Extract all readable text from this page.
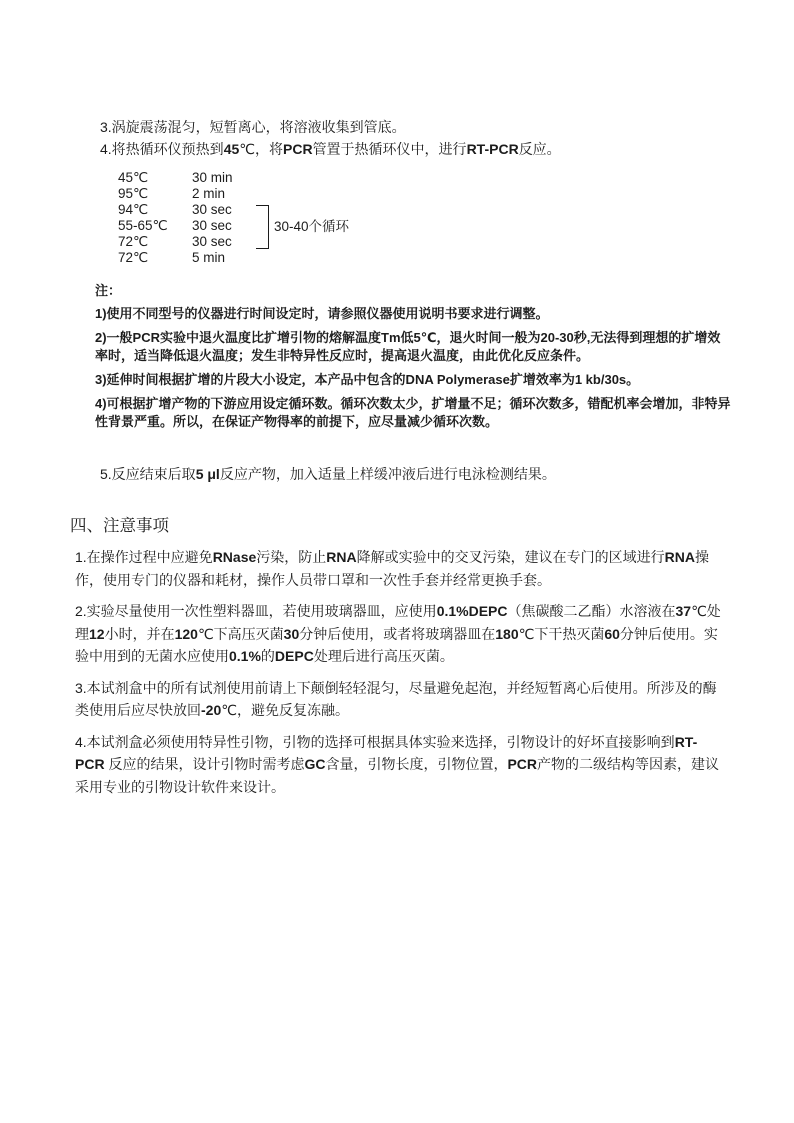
3.涡旋震荡混匀，短暂离心，将溶液收集到管底。

4.将热循环仪预热到45℃，将PCR管置于热循环仪中，进行RT-PCR反应。

45℃	30 min
95℃	2 min
94℃	30 sec
55-65℃ 30 sec
72℃	30 sec
72℃	5 min
30-40个循环

注：

1)使用不同型号的仪器进行时间设定时，请参照仪器使用说明书要求进行调整。

2)一般PCR实验中退火温度比扩增引物的熔解温度Tm低5℃，退火时间一般为20-30秒,无法得到理想的扩增效率时，适当降低退火温度；发生非特异性反应时，提高退火温度，由此优化反应条件。

3)延伸时间根据扩增的片段大小设定，本产品中包含的DNA Polymerase扩增效率为1 kb/30s。

4)可根据扩增产物的下游应用设定循环数。循环次数太少，扩增量不足；循环次数多，错配机率会增加，非特异性背景严重。所以，在保证产物得率的前提下，应尽量减少循环次数。

5.反应结束后取5 μl反应产物，加入适量上样缓冲液后进行电泳检测结果。

四、注意事项

1.在操作过程中应避免RNase污染，防止RNA降解或实验中的交叉污染，建议在专门的区域进行RNA操作，使用专门的仪器和耗材，操作人员带口罩和一次性手套并经常更换手套。

2.实验尽量使用一次性塑料器皿，若使用玻璃器皿，应使用0.1%DEPC（焦碳酸二乙酯）水溶液在37℃处理12小时，并在120℃下高压灭菌30分钟后使用，或者将玻璃器皿在180℃下干热灭菌60分钟后使用。实验中用到的无菌水应使用0.1%的DEPC处理后进行高压灭菌。

3.本试剂盒中的所有试剂使用前请上下颠倒轻轻混匀，尽量避免起泡，并经短暂离心后使用。所涉及的酶类使用后应尽快放回-20℃，避免反复冻融。

4.本试剂盒必须使用特异性引物，引物的选择可根据具体实验来选择，引物设计的好坏直接影响到RT-PCR 反应的结果，设计引物时需考虑GC含量，引物长度，引物位置，PCR产物的二级结构等因素，建议采用专业的引物设计软件来设计。
